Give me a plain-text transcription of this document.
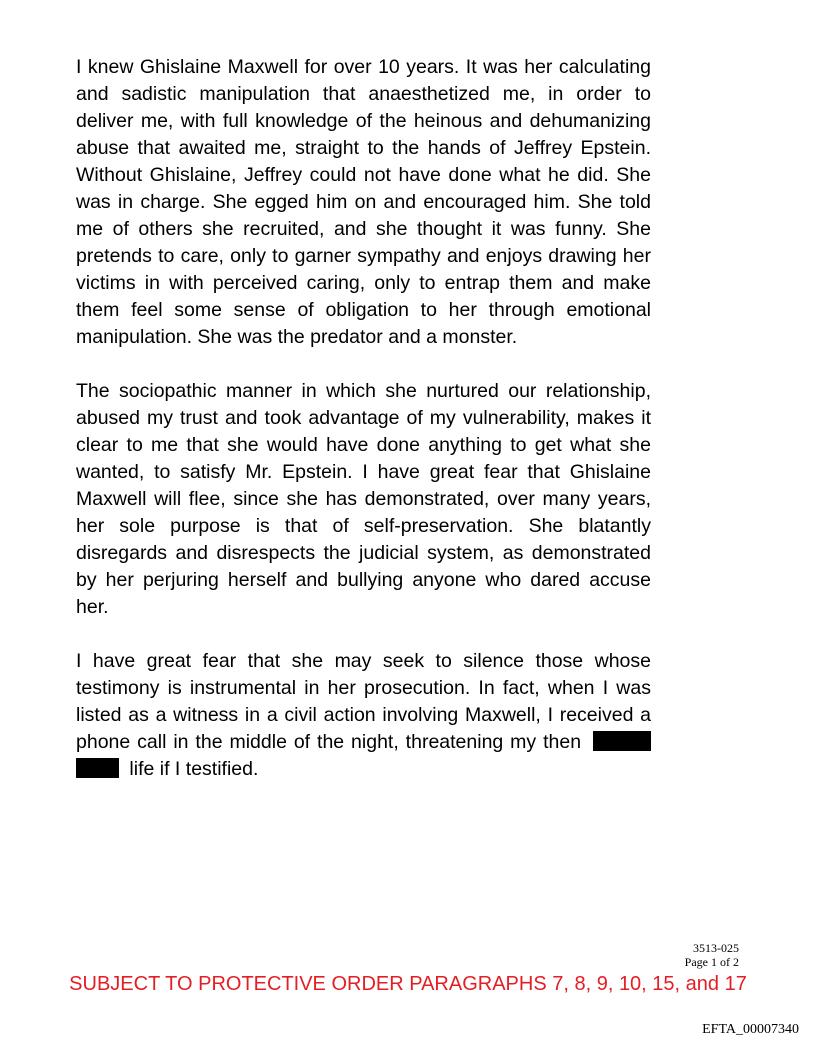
I knew Ghislaine Maxwell for over 10 years. It was her calculating and sadistic manipulation that anaesthetized me, in order to deliver me, with full knowledge of the heinous and dehumanizing abuse that awaited me, straight to the hands of Jeffrey Epstein. Without Ghislaine, Jeffrey could not have done what he did. She was in charge. She egged him on and encouraged him. She told me of others she recruited, and she thought it was funny. She pretends to care, only to garner sympathy and enjoys drawing her victims in with perceived caring, only to entrap them and make them feel some sense of obligation to her through emotional manipulation. She was the predator and a monster.

The sociopathic manner in which she nurtured our relationship, abused my trust and took advantage of my vulnerability, makes it clear to me that she would have done anything to get what she wanted, to satisfy Mr. Epstein. I have great fear that Ghislaine Maxwell will flee, since she has demonstrated, over many years, her sole purpose is that of self-preservation. She blatantly disregards and disrespects the judicial system, as demonstrated by her perjuring herself and bullying anyone who dared accuse her.

I have great fear that she may seek to silence those whose testimony is instrumental in her prosecution. In fact, when I was listed as a witness in a civil action involving Maxwell, I received a phone call in the middle of the night, threatening my then   life if I testified.

3513-025
Page 1 of 2
SUBJECT TO PROTECTIVE ORDER PARAGRAPHS 7, 8, 9, 10, 15, and 17
EFTA_00007340
